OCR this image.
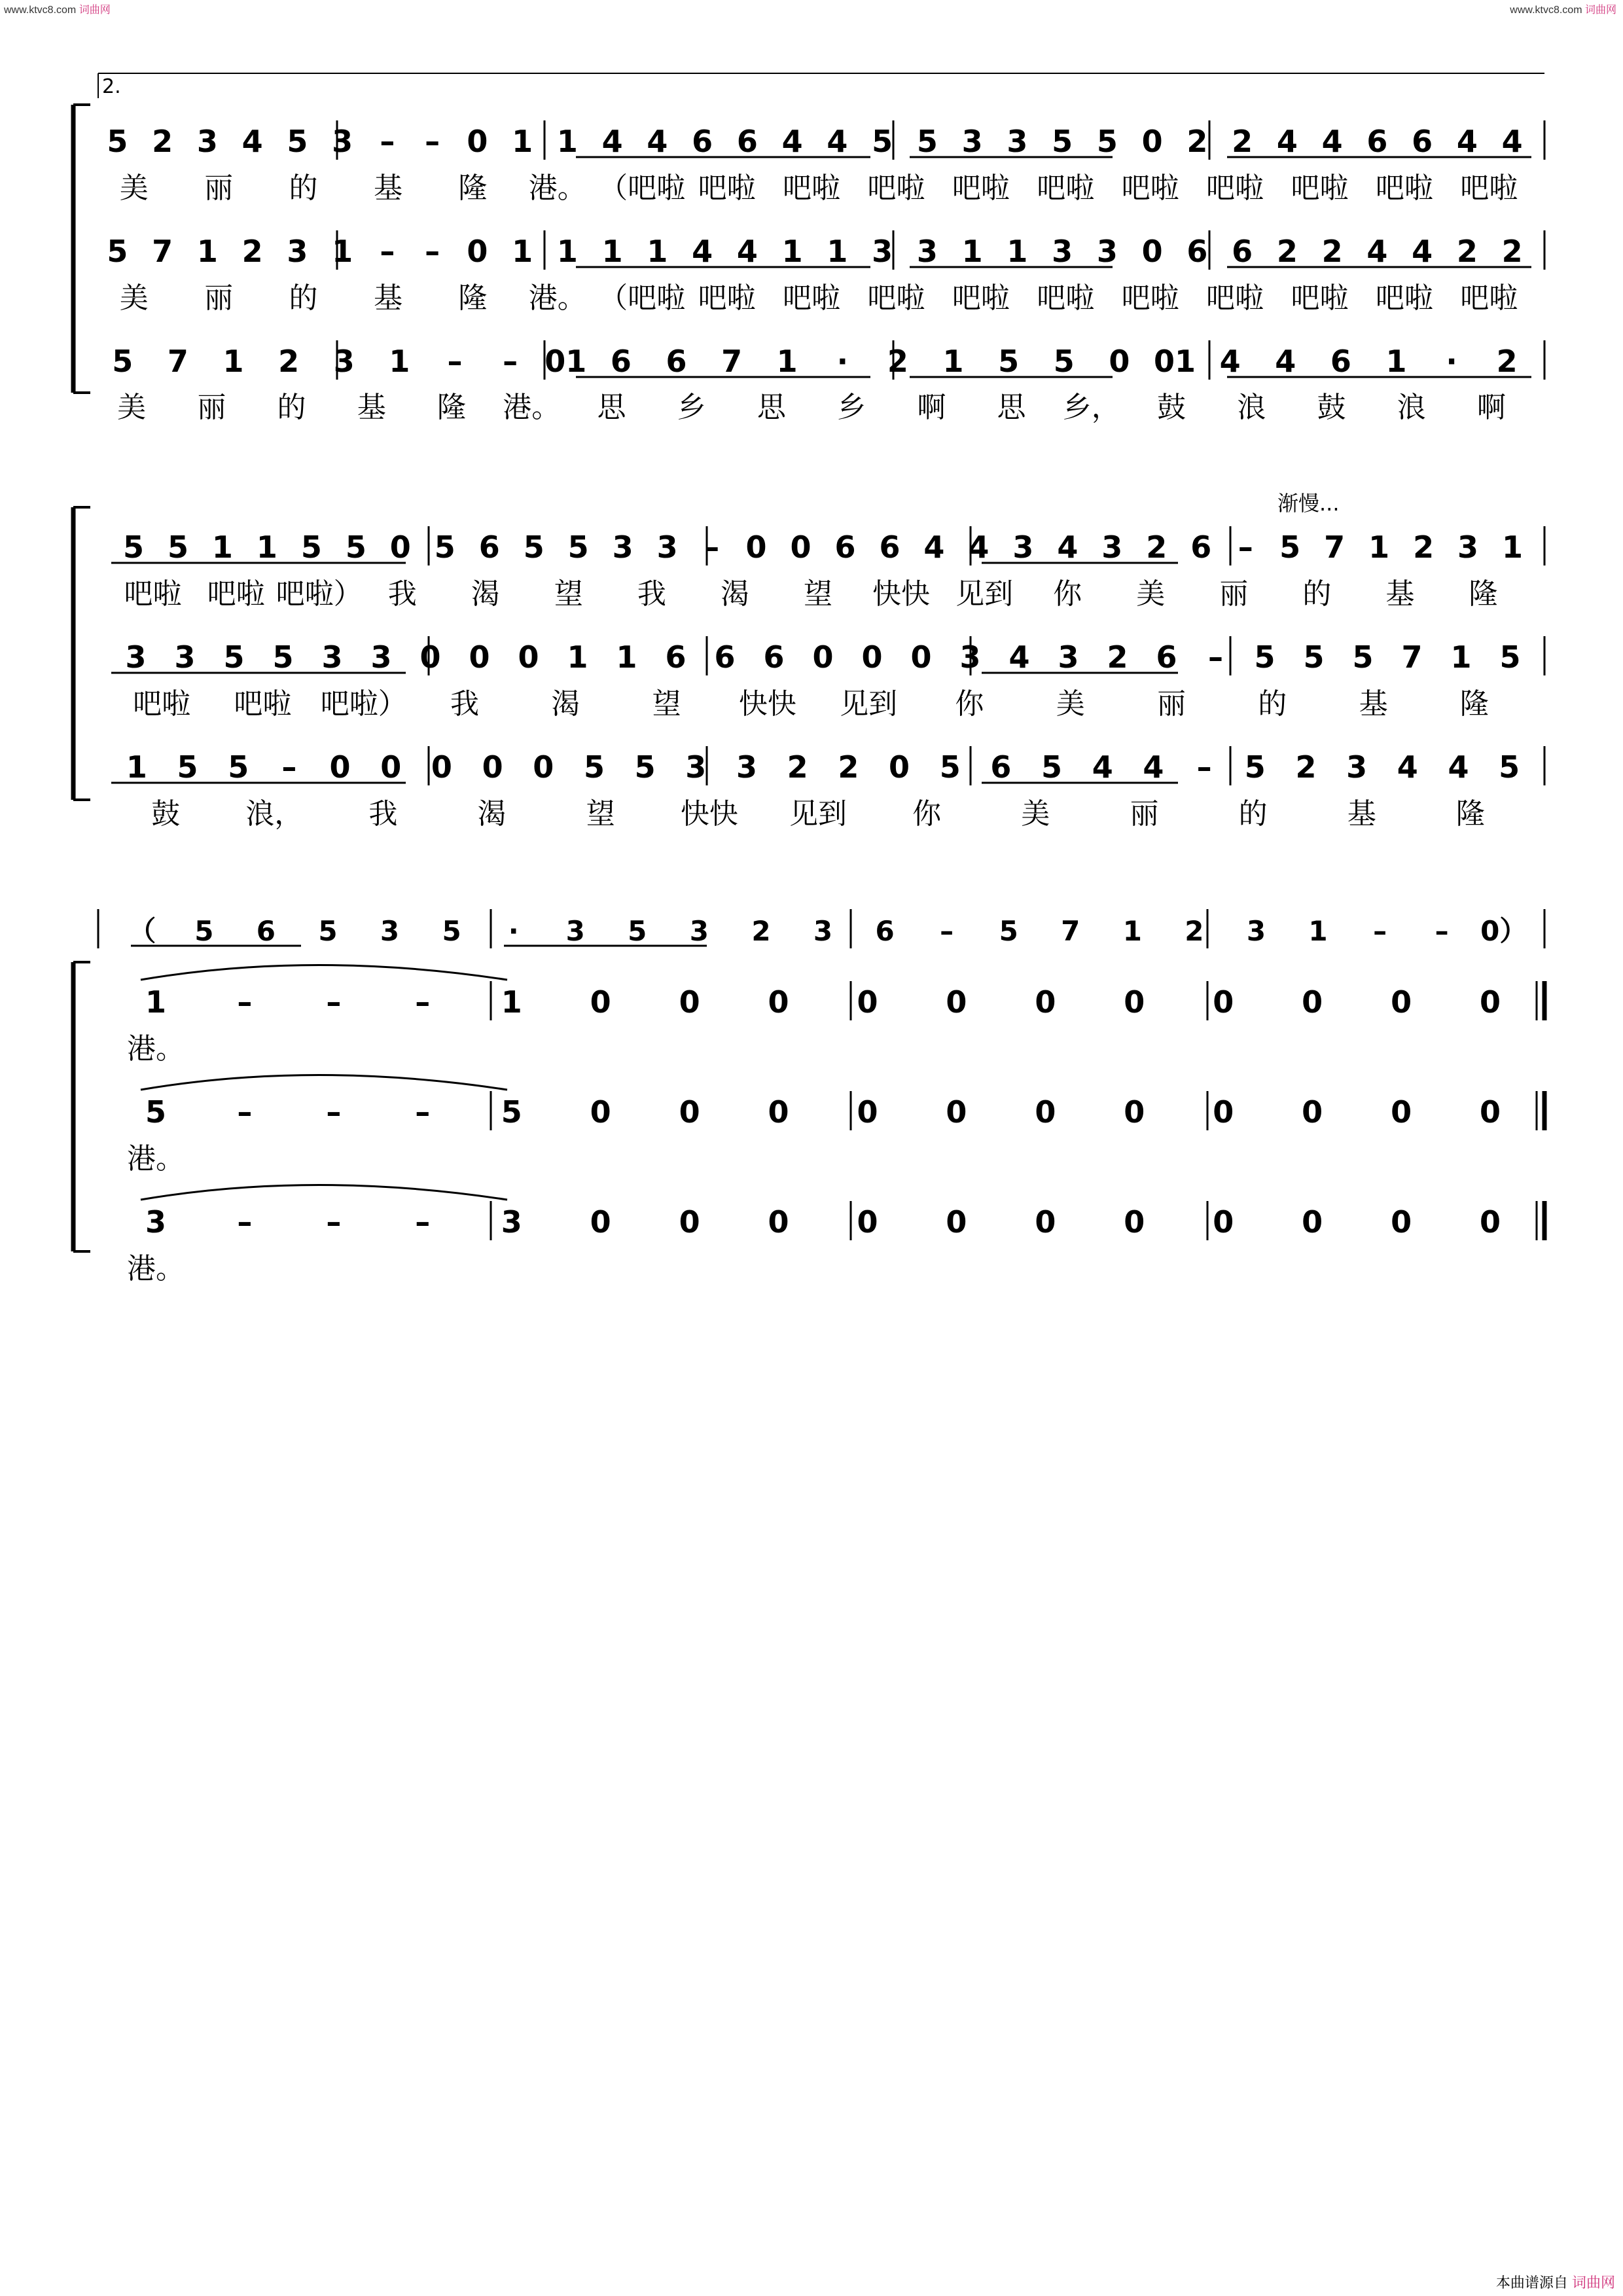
www.ktvc8.com 词曲网	www.ktvc8.com 词曲网
本曲谱源自 词曲网
2.
渐慢...
5 2 3 4 5 3 – – 0 1 1 4 4 6 6 4 4 5 5 3 3 5 5 0 2 2 4 4 6 6 4 4
美 丽 的 基 隆 港。 （吧啦 吧啦 吧啦 吧啦 吧啦 吧啦 吧啦 吧啦 吧啦 吧啦 吧啦
5 7 1 2 3 1 – – 0 1 1 1 1 4 4 1 1 3 3 1 1 3 3 0 6 6 2 2 4 4 2 2
美 丽 的 基 隆 港。 （吧啦 吧啦 吧啦 吧啦 吧啦 吧啦 吧啦 吧啦 吧啦 吧啦 吧啦
5 7 1 2 3 1 – – 01 6 6 7 1 · 2 1 5 5 0 01 4 4 6 1 · 2
美 丽 的 基 隆 港。 思 乡 思 乡 啊 思 乡， 鼓 浪 鼓 浪 啊
5 5 1 1 5 5 0 5 6 5 5 3 3 – 0 0 6 6 4 4 3 4 3 2 6 – 5 7 1 2 3 1
吧啦 吧啦 吧啦） 我 渴 望 我 渴 望 快快 见到 你 美 丽 的 基 隆
3 3 5 5 3 3 0 0 0 1 1 6 6 6 0 0 0 3 4 3 2 6 – 5 5 5 7 1 5
吧啦 吧啦 吧啦） 我	渴	望 快快 见到 你	美	丽	的	基	隆
1 5 5 – 0 0 0 0 0 5 5 3 3 2 2 0 5 6 5 4 4 – 5 2 3 4 4 5
鼓 浪， 我	渴	望 快快 见到 你	美	丽	的	基	隆
（ 5 6 5 3 5 · 3 5 3 2 3 6 – 5 7 1 2 3 1 – – 0）
1 – – – 1 0 0 0 0 0 0 0 0 0 0 0
港。
5 – – – 5 0 0 0 0 0 0 0 0 0 0 0
港。
3 – – – 3 0 0 0 0 0 0 0 0 0 0 0
港。
